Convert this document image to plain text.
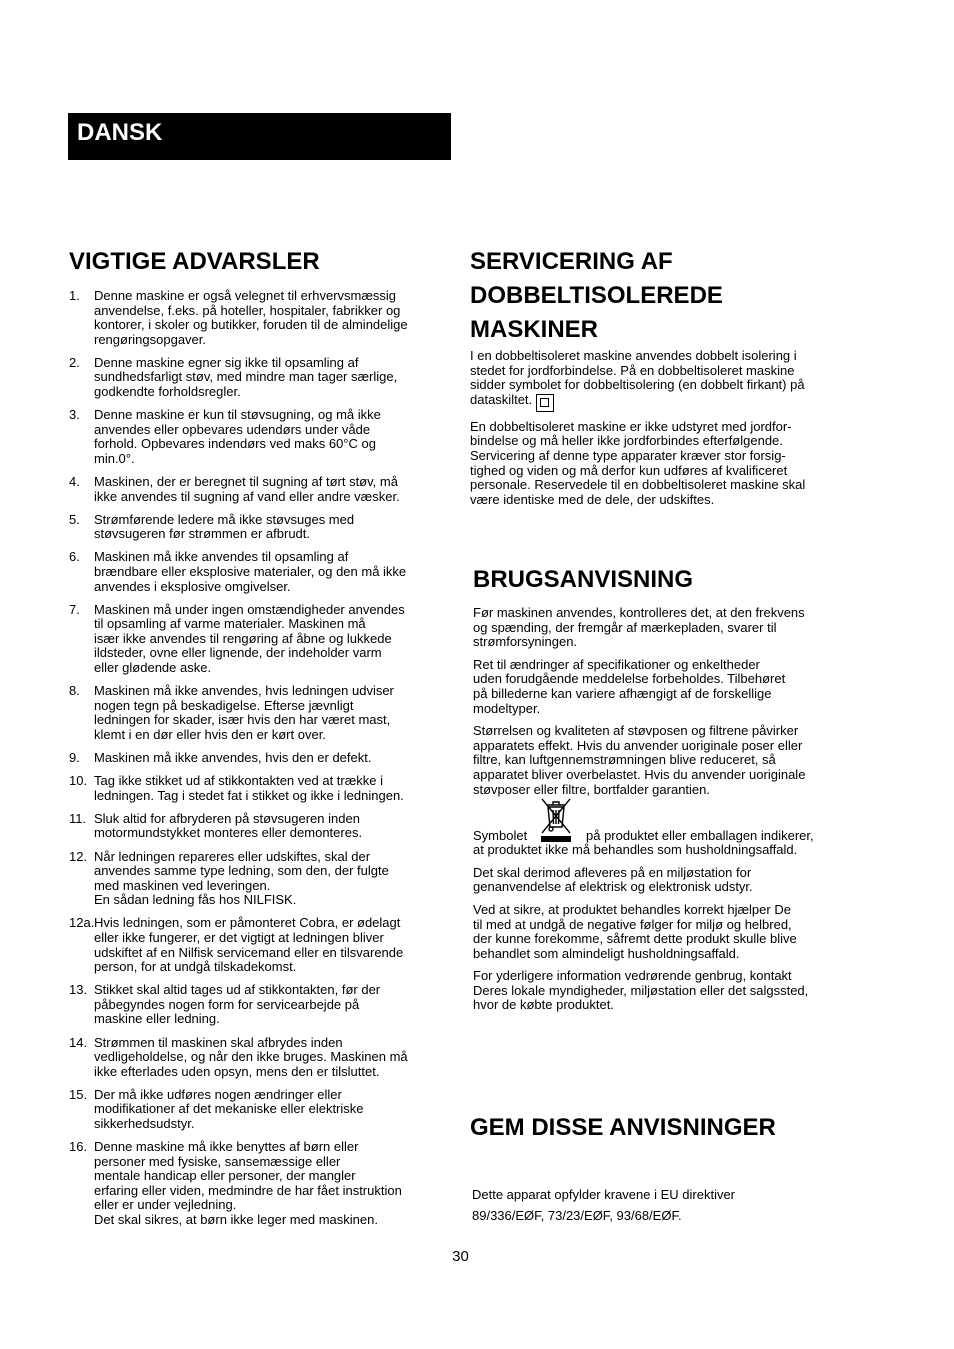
DANSK
VIGTIGE ADVARSLER
1. Denne maskine er også velegnet til erhvervsmæssig
anvendelse, f.eks. på hoteller, hospitaler, fabrikker og
kontorer, i skoler og butikker, foruden til de almindelige
rengøringsopgaver.
2. Denne maskine egner sig ikke til opsamling af
sundhedsfarligt støv, med mindre man tager særlige,
godkendte forholdsregler.
3. Denne maskine er kun til støvsugning, og må ikke
anvendes eller opbevares udendørs under våde
forhold. Opbevares indendørs ved maks 60°C og
min.0°.
4. Maskinen, der er beregnet til sugning af tørt støv, må
ikke anvendes til sugning af vand eller andre væsker.
5. Strømførende ledere må ikke støvsuges med
støvsugeren før strømmen er afbrudt.
6. Maskinen må ikke anvendes til opsamling af
brændbare eller eksplosive materialer, og den må ikke
anvendes i eksplosive omgivelser.
7. Maskinen må under ingen omstændigheder anvendes
til opsamling af varme materialer. Maskinen må
især ikke anvendes til rengøring af åbne og lukkede
ildsteder, ovne eller lignende, der indeholder varm
eller glødende aske.
8. Maskinen må ikke anvendes, hvis ledningen udviser
nogen tegn på beskadigelse. Efterse jævnligt
ledningen for skader, især hvis den har været mast,
klemt i en dør eller hvis den er kørt over.
9. Maskinen må ikke anvendes, hvis den er defekt.
10. Tag ikke stikket ud af stikkontakten ved at trække i
ledningen. Tag i stedet fat i stikket og ikke i ledningen.
11. Sluk altid for afbryderen på støvsugeren inden
motormundstykket monteres eller demonteres.
12. Når ledningen repareres eller udskiftes, skal der
anvendes samme type ledning, som den, der fulgte
med maskinen ved leveringen.
En sådan ledning fås hos NILFISK.
12a. Hvis ledningen, som er påmonteret Cobra, er ødelagt
eller ikke fungerer, er det vigtigt at ledningen bliver
udskiftet af en Nilfisk servicemand eller en tilsvarende
person, for at undgå tilskadekomst.
13. Stikket skal altid tages ud af stikkontakten, før der
påbegyndes nogen form for servicearbejde på
maskine eller ledning.
14. Strømmen til maskinen skal afbrydes inden
vedligeholdelse, og når den ikke bruges. Maskinen må
ikke efterlades uden opsyn, mens den er tilsluttet.
15. Der må ikke udføres nogen ændringer eller
modifikationer af det mekaniske eller elektriske
sikkerhedsudstyr.
16. Denne maskine må ikke benyttes af børn eller
personer med fysiske, sansemæssige eller
mentale handicap eller personer, der mangler
erfaring eller viden, medmindre de har fået instruktion
eller er under vejledning.
Det skal sikres, at børn ikke leger med maskinen.
SERVICERING AF
DOBBELTISOLEREDE
MASKINER

I en dobbeltisoleret maskine anvendes dobbelt isolering i
stedet for jordforbindelse. På en dobbeltisoleret maskine
sidder symbolet for dobbeltisolering (en dobbelt firkant) på
dataskiltet.

En dobbeltisoleret maskine er ikke udstyret med jordfor-
bindelse og må heller ikke jordforbindes efterfølgende.
Servicering af denne type apparater kræver stor forsig-
tighed og viden og må derfor kun udføres af kvalificeret
personale. Reservedele til en dobbeltisoleret maskine skal
være identiske med de dele, der udskiftes.

BRUGSANVISNING

Før maskinen anvendes, kontrolleres det, at den frekvens
og spænding, der fremgår af mærkepladen, svarer til
strømforsyningen.

Ret til ændringer af specifikationer og enkeltheder
uden forudgående meddelelse forbeholdes. Tilbehøret
på billederne kan variere afhængigt af de forskellige
modeltyper.

Størrelsen og kvaliteten af støvposen og filtrene påvirker
apparatets effekt. Hvis du anvender uoriginale poser eller
filtre, kan luftgennemstrømningen blive reduceret, så
apparatet bliver overbelastet. Hvis du anvender uoriginale
støvposer eller filtre, bortfalder garantien.

Symbolet	på produktet eller emballagen indikerer,

at produktet ikke må behandles som husholdningsaffald.

Det skal derimod afleveres på en miljøstation for
genanvendelse af elektrisk og elektronisk udstyr.

Ved at sikre, at produktet behandles korrekt hjælper De
til med at undgå de negative følger for miljø og helbred,
der kunne forekomme, såfremt dette produkt skulle blive
behandlet som almindeligt husholdningsaffald.

For yderligere information vedrørende genbrug, kontakt
Deres lokale myndigheder, miljøstation eller det salgssted,
hvor de købte produktet.

GEM DISSE ANVISNINGER
Dette apparat opfylder kravene i EU direktiver
89/336/EØF, 73/23/EØF, 93/68/EØF.
30
